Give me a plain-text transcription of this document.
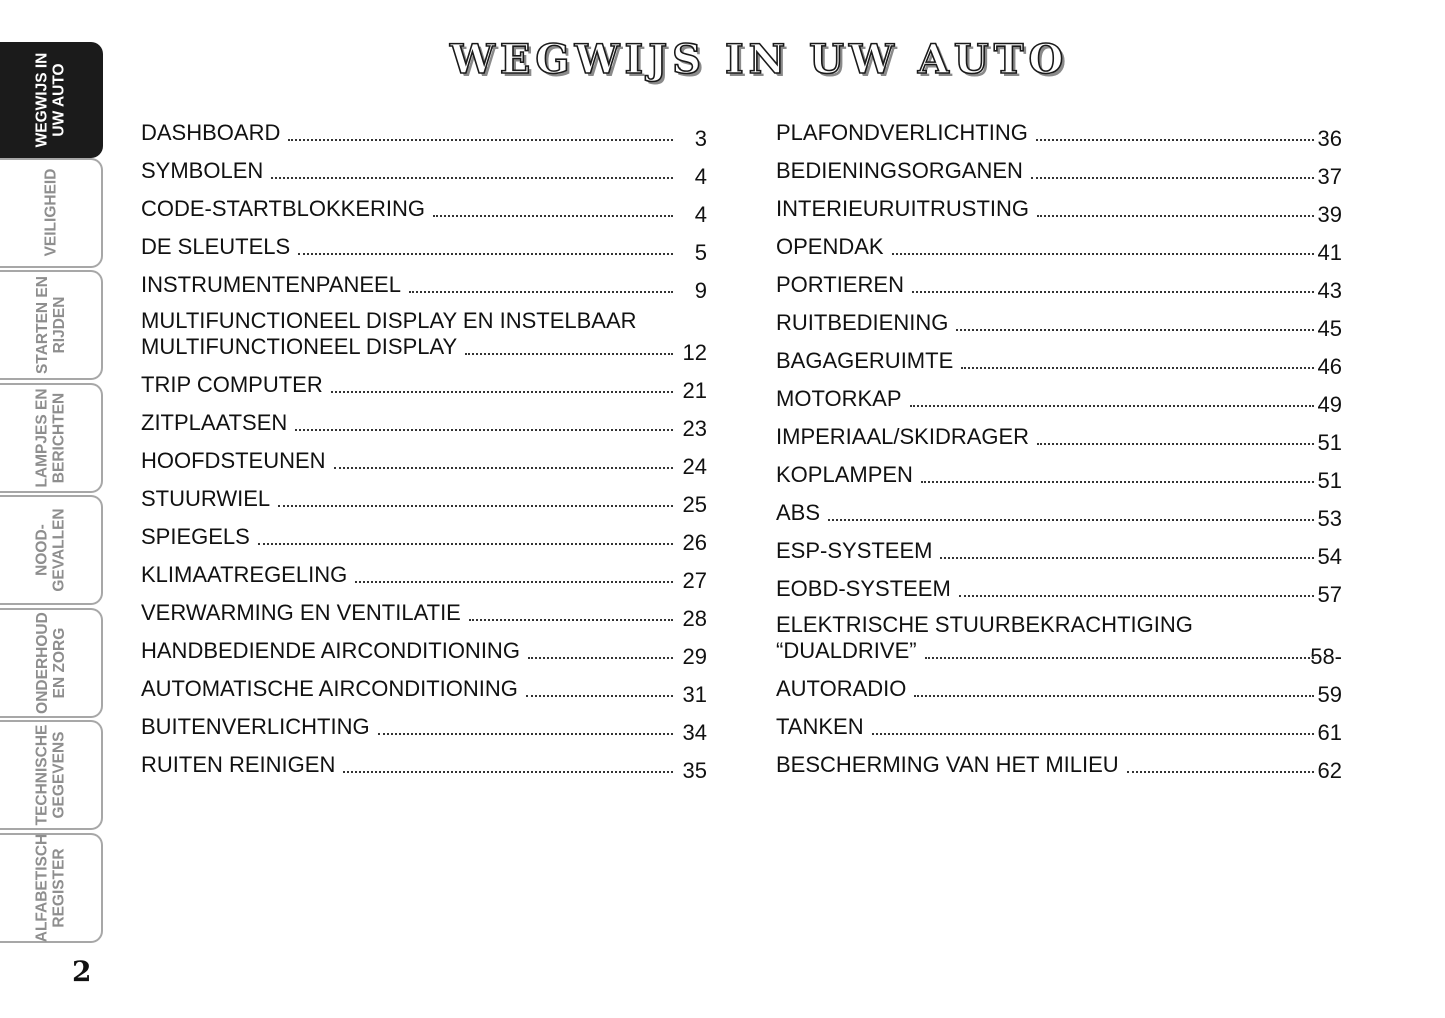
WEGWIJS IN UW AUTO
WEGWIJS IN
UW AUTO
VEILIGHEID
STARTEN EN
RIJDEN
LAMPJES EN
BERICHTEN
NOOD-
GEVALLEN
ONDERHOUD
EN ZORG
TECHNISCHE
GEGEVENS
ALFABETISCH
REGISTER
2
DASHBOARD	3
SYMBOLEN	4
CODE-STARTBLOKKERING	4
DE SLEUTELS	5
INSTRUMENTENPANEEL	9
MULTIFUNCTIONEEL DISPLAY EN INSTELBAAR
MULTIFUNCTIONEEL DISPLAY	12
TRIP COMPUTER	21
ZITPLAATSEN	23
HOOFDSTEUNEN	24
STUURWIEL	25
SPIEGELS	26
KLIMAATREGELING	27
VERWARMING EN VENTILATIE	28
HANDBEDIENDE AIRCONDITIONING	29
AUTOMATISCHE AIRCONDITIONING	31
BUITENVERLICHTING	34
RUITEN REINIGEN	35
PLAFONDVERLICHTING	36
BEDIENINGSORGANEN	37
INTERIEURUITRUSTING	39
OPENDAK	41
PORTIEREN	43
RUITBEDIENING	45
BAGAGERUIMTE	46
MOTORKAP	49
IMPERIAAL/SKIDRAGER	51
KOPLAMPEN	51
ABS	53
ESP-SYSTEEM	54
EOBD-SYSTEEM	57
ELEKTRISCHE STUURBEKRACHTIGING
“DUALDRIVE”	58-
AUTORADIO	59
TANKEN	61
BESCHERMING VAN HET MILIEU	62
